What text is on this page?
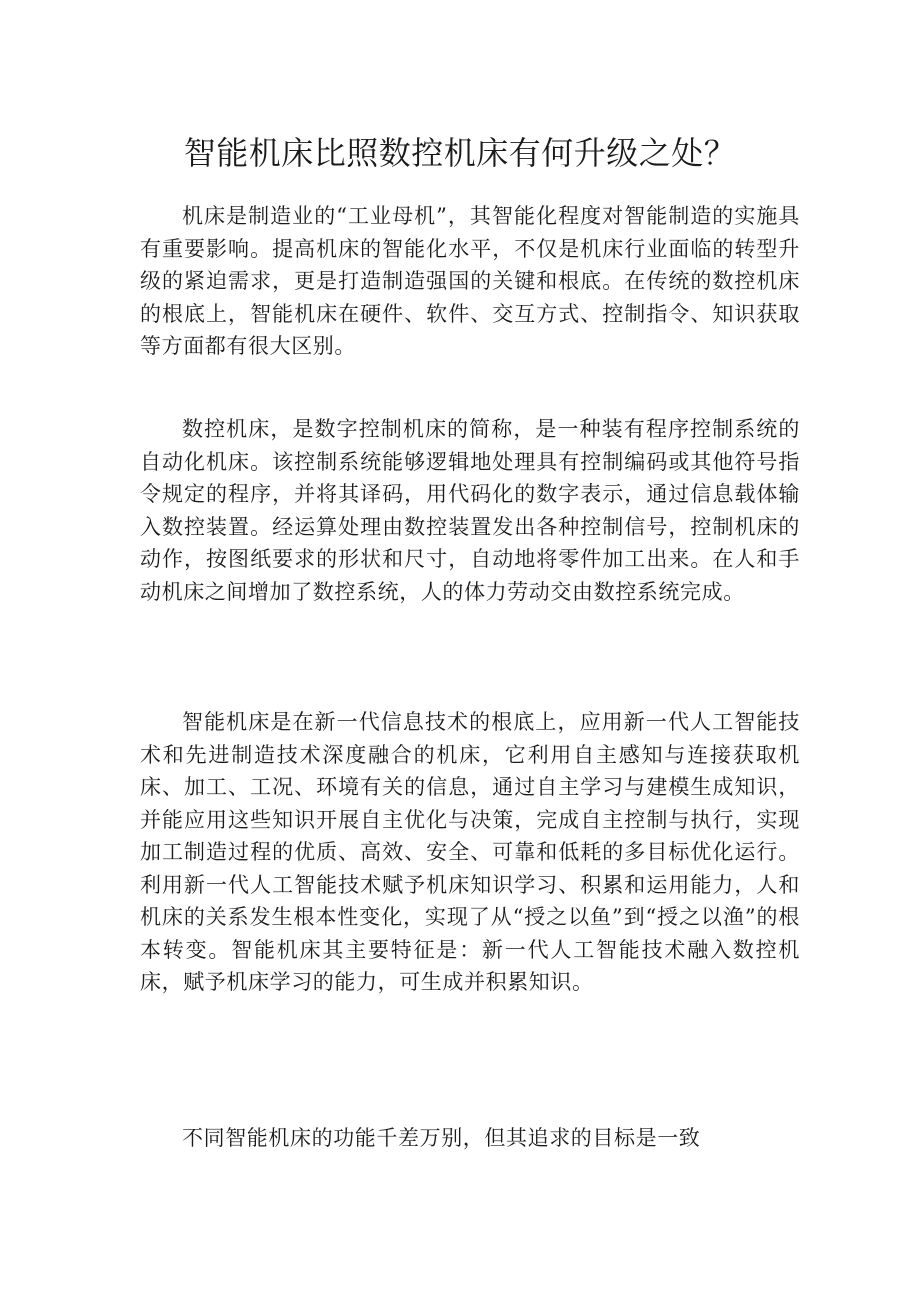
智能机床比照数控机床有何升级之处？

机床是制造业的“工业母机”，其智能化程度对智能制造的实施具有重要影响。提高机床的智能化水平，不仅是机床行业面临的转型升级的紧迫需求，更是打造制造强国的关键和根底。在传统的数控机床的根底上，智能机床在硬件、软件、交互方式、控制指令、知识获取等方面都有很大区别。

数控机床，是数字控制机床的简称，是一种装有程序控制系统的自动化机床。该控制系统能够逻辑地处理具有控制编码或其他符号指令规定的程序，并将其译码，用代码化的数字表示，通过信息载体输入数控装置。经运算处理由数控装置发出各种控制信号，控制机床的动作，按图纸要求的形状和尺寸，自动地将零件加工出来。在人和手动机床之间增加了数控系统，人的体力劳动交由数控系统完成。

智能机床是在新一代信息技术的根底上，应用新一代人工智能技术和先进制造技术深度融合的机床，它利用自主感知与连接获取机床、加工、工况、环境有关的信息，通过自主学习与建模生成知识，并能应用这些知识开展自主优化与决策，完成自主控制与执行，实现加工制造过程的优质、高效、安全、可靠和低耗的多目标优化运行。利用新一代人工智能技术赋予机床知识学习、积累和运用能力，人和机床的关系发生根本性变化，实现了从“授之以鱼”到“授之以渔”的根本转变。智能机床其主要特征是：新一代人工智能技术融入数控机床，赋予机床学习的能力，可生成并积累知识。

不同智能机床的功能千差万别，但其追求的目标是一致
